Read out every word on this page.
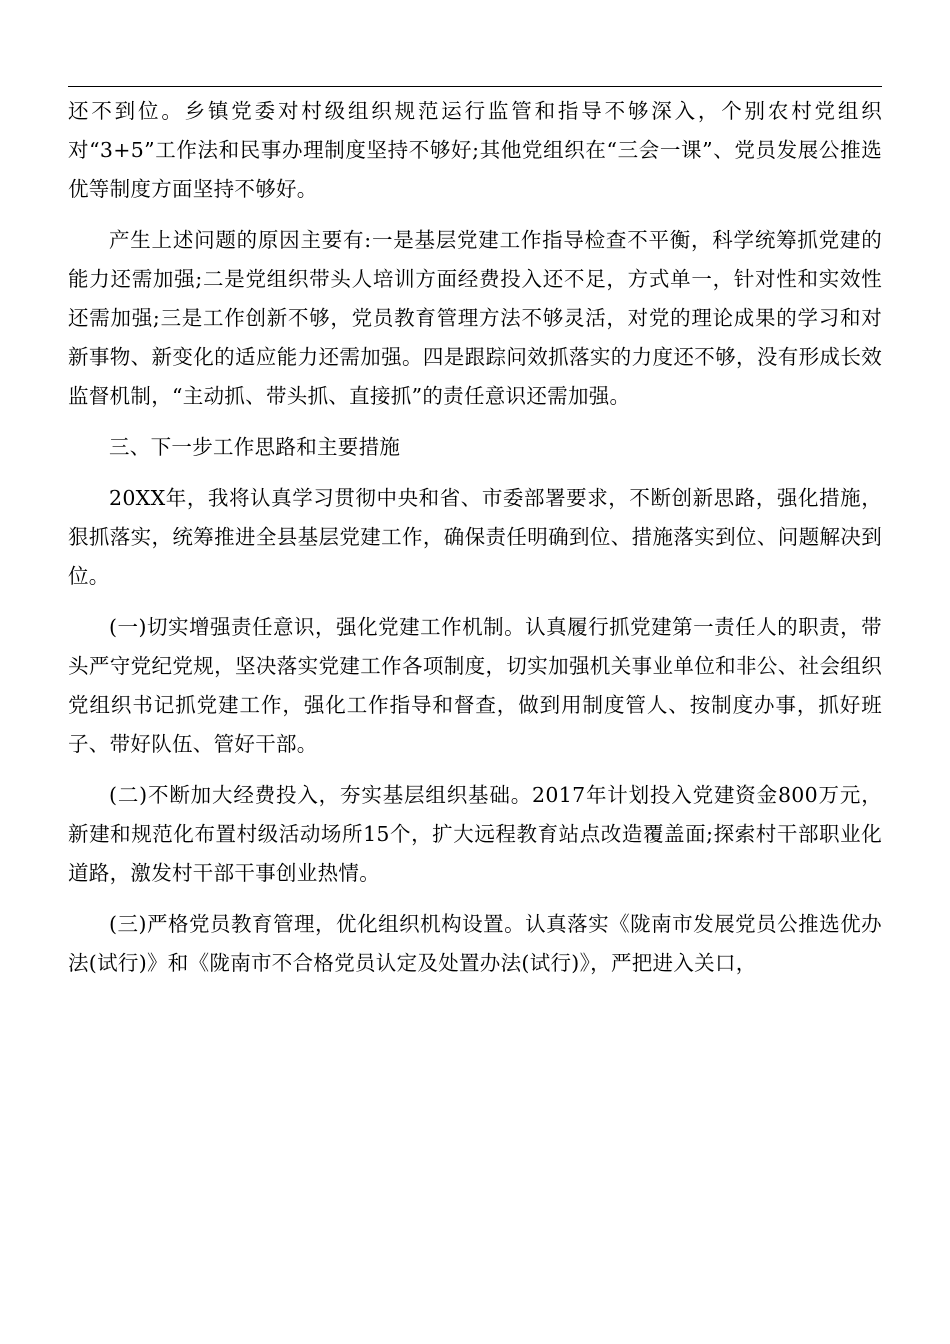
还不到位。乡镇党委对村级组织规范运行监管和指导不够深入，个别农村党组织对“3+5”工作法和民事办理制度坚持不够好;其他党组织在“三会一课”、党员发展公推选优等制度方面坚持不够好。

产生上述问题的原因主要有:一是基层党建工作指导检查不平衡，科学统筹抓党建的能力还需加强;二是党组织带头人培训方面经费投入还不足，方式单一，针对性和实效性还需加强;三是工作创新不够，党员教育管理方法不够灵活，对党的理论成果的学习和对新事物、新变化的适应能力还需加强。四是跟踪问效抓落实的力度还不够，没有形成长效监督机制，“主动抓、带头抓、直接抓”的责任意识还需加强。

三、下一步工作思路和主要措施

20XX年，我将认真学习贯彻中央和省、市委部署要求，不断创新思路，强化措施，狠抓落实，统筹推进全县基层党建工作，确保责任明确到位、措施落实到位、问题解决到位。

(一)切实增强责任意识，强化党建工作机制。认真履行抓党建第一责任人的职责，带头严守党纪党规，坚决落实党建工作各项制度，切实加强机关事业单位和非公、社会组织党组织书记抓党建工作，强化工作指导和督查，做到用制度管人、按制度办事，抓好班子、带好队伍、管好干部。

(二)不断加大经费投入，夯实基层组织基础。2017年计划投入党建资金800万元，新建和规范化布置村级活动场所15个，扩大远程教育站点改造覆盖面;探索村干部职业化道路，激发村干部干事创业热情。

(三)严格党员教育管理，优化组织机构设置。认真落实《陇南市发展党员公推选优办法(试行)》和《陇南市不合格党员认定及处置办法(试行)》，严把进入关口，
